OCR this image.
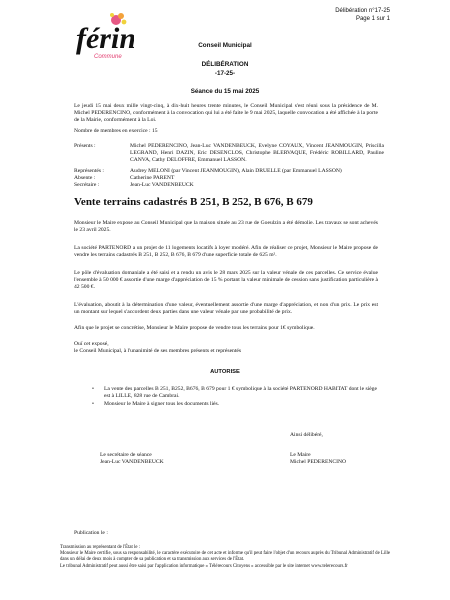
férin
Commune
Délibération n°17-25
Page 1 sur 1
Conseil Municipal
DÉLIBÉRATION
-17-25-
Séance du 15 mai 2025
Le jeudi 15 mai deux mille vingt-cinq, à dix-huit heures trente minutes, le Conseil Municipal s'est réuni sous la présidence de M. Michel PEDERENCINO, conformément à la convocation qui lui a été faite le 9 mai 2025, laquelle convocation a été affichée à la porte de la Mairie, conformément à la Loi.
Nombre de membres en exercice : 15
Présents :	Michel PEDERENCINO, Jean-Luc VANDENBEUCK, Evelyne COYAUX, Vincent JEANMOUGIN, Priscilla LEGRAND, Henri DAZIN, Eric DESENCLOS, Christophe BLERVAQUE, Frédéric ROBILLARD, Pauline CANVA, Cathy DELOFFRE, Emmanuel LASSON.
Représentés :	Audrey MELONI (par Vincent JEANMOUGIN), Alain DRUELLE (par Emmanuel LASSON)
Absente :	Catherine PARENT
Secrétaire :	Jean-Luc VANDENBEUCK
Vente terrains cadastrés B 251, B 252, B 676, B 679
Monsieur le Maire expose au Conseil Municipal que la maison située au 23 rue de Goeulzin a été démolie. Les travaux se sont achevés le 23 avril 2025.
La société PARTENORD a un projet de 11 logements locatifs à loyer modéré. Afin de réaliser ce projet, Monsieur le Maire propose de vendre les terrains cadastrés B 251, B 252, B 676, B 679 d'une superficie totale de 625 m².
Le pôle d'évaluation domaniale a été saisi et a rendu un avis le 28 mars 2025 sur la valeur vénale de ces parcelles. Ce service évalue l'ensemble à 50 000 € assortie d'une marge d'appréciation de 15 % portant la valeur minimale de cession sans justification particulière à 42 500 €.
L'évaluation, aboutit à la détermination d'une valeur, éventuellement assortie d'une marge d'appréciation, et non d'un prix. Le prix est un montant sur lequel s'accordent deux parties dans une valeur vénale par une probabilité de prix.
Afin que le projet se concrétise, Monsieur le Maire propose de vendre tous les terrains pour 1€ symbolique.
Ouï cet exposé,
le Conseil Municipal, à l'unanimité de ses membres présents et représentés
AUTORISE
• La vente des parcelles B 251, B252, B676, B 679 pour 1 € symbolique à la société PARTENORD HABITAT dont le siège est à LILLE, 828 rue de Cambrai.
• Monsieur le Maire à signer tous les documents liés.
Ainsi délibéré,
Le secrétaire de séance
Jean-Luc VANDENBEUCK
Le Maire
Michel PEDERENCINO
Publication le :
Transmission au représentant de l'État le :
Monsieur le Maire certifie, sous sa responsabilité, le caractère exécutoire de cet acte et informe qu'il peut faire l'objet d'un recours auprès du Tribunal Administratif de Lille dans un délai de deux mois à compter de sa publication et sa transmission aux services de l'État.
Le tribunal Administratif peut aussi être saisi par l'application informatique « Télérecours Citoyens » accessible par le site internet www.telerecours.fr
